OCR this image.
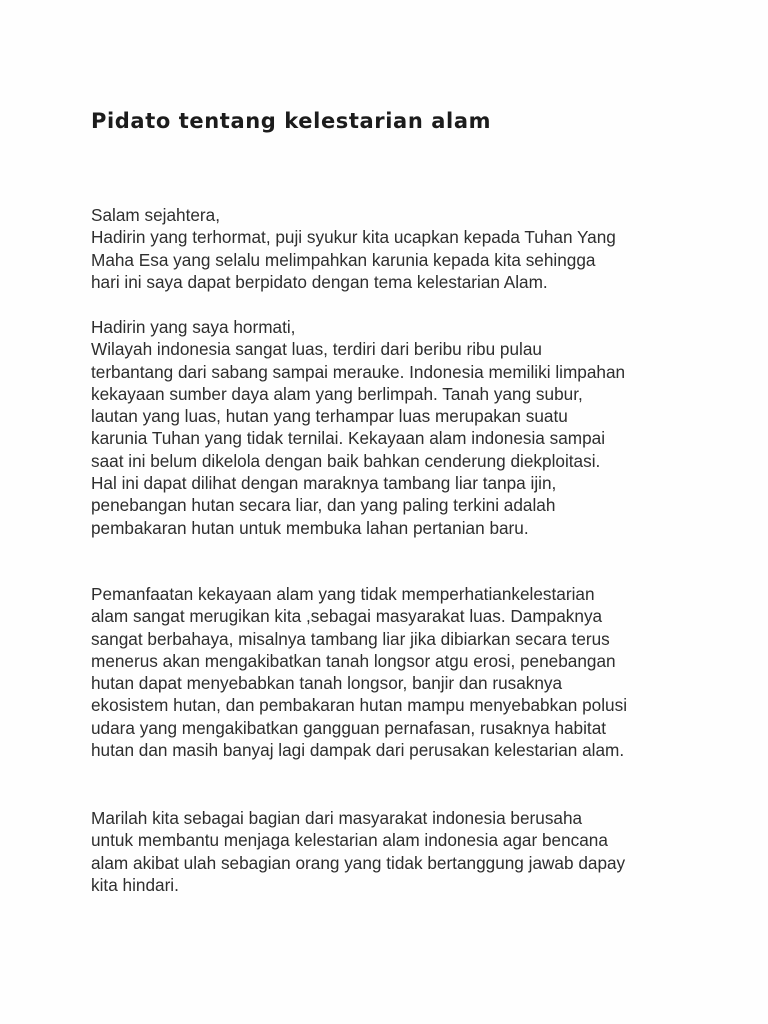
Pidato tentang kelestarian alam

Salam sejahtera,
Hadirin yang terhormat, puji syukur kita ucapkan kepada Tuhan Yang
Maha Esa yang selalu melimpahkan karunia kepada kita sehingga
hari ini saya dapat berpidato dengan tema kelestarian Alam.

Hadirin yang saya hormati,
Wilayah indonesia sangat luas, terdiri dari beribu ribu pulau
terbantang dari sabang sampai merauke. Indonesia memiliki limpahan
kekayaan sumber daya alam yang berlimpah. Tanah yang subur,
lautan yang luas, hutan yang terhampar luas merupakan suatu
karunia Tuhan yang tidak ternilai. Kekayaan alam indonesia sampai
saat ini belum dikelola dengan baik bahkan cenderung diekploitasi.
Hal ini dapat dilihat dengan maraknya tambang liar tanpa ijin,
penebangan hutan secara liar, dan yang paling terkini adalah
pembakaran hutan untuk membuka lahan pertanian baru.

Pemanfaatan kekayaan alam yang tidak memperhatiankelestarian
alam sangat merugikan kita ,sebagai masyarakat luas. Dampaknya
sangat berbahaya, misalnya tambang liar jika dibiarkan secara terus
menerus akan mengakibatkan tanah longsor atgu erosi, penebangan
hutan dapat menyebabkan tanah longsor, banjir dan rusaknya
ekosistem hutan, dan pembakaran hutan mampu menyebabkan polusi
udara yang mengakibatkan gangguan pernafasan, rusaknya habitat
hutan dan masih banyaj lagi dampak dari perusakan kelestarian alam.

Marilah kita sebagai bagian dari masyarakat indonesia berusaha
untuk membantu menjaga kelestarian alam indonesia agar bencana
alam akibat ulah sebagian orang yang tidak bertanggung jawab dapay
kita hindari.
